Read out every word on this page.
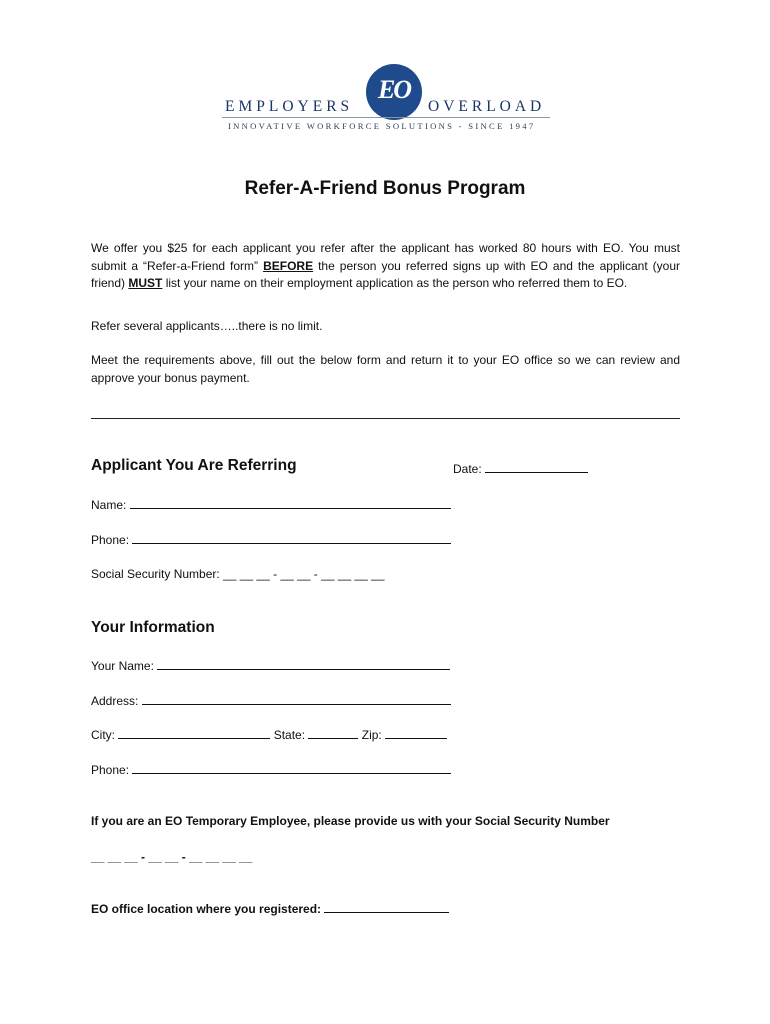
EO
EMPLOYERS	OVERLOAD
INNOVATIVE WORKFORCE SOLUTIONS - SINCE 1947
Refer-A-Friend Bonus Program
We offer you $25 for each applicant you refer after the applicant has worked 80 hours with EO. You must submit a “Refer-a-Friend form” BEFORE the person you referred signs up with EO and the applicant (your friend) MUST list your name on their employment application as the person who referred them to EO.
Refer several applicants…..there is no limit.
Meet the requirements above, fill out the below form and return it to your EO office so we can review and approve your bonus payment.
Applicant You Are Referring	Date:
Name:
Phone:
Social Security Number: __ __ __ - __ __ - __ __ __ __
Your Information
Your Name:
Address:
City:	State:	Zip:
Phone:
If you are an EO Temporary Employee, please provide us with your Social Security Number
__ __ __ - __ __ - __ __ __ __
EO office location where you registered:
